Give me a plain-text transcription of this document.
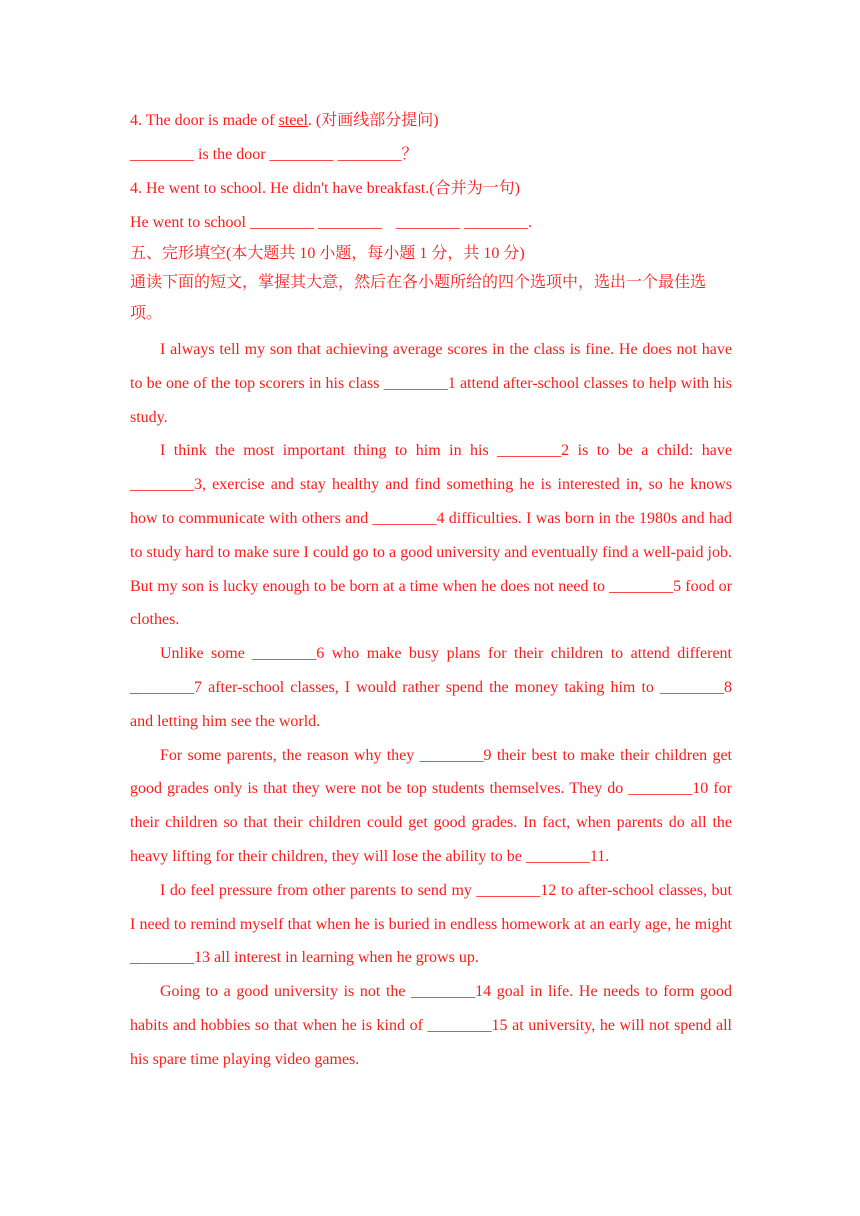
4. The door is made of steel. (对画线部分提问)
________ is the door ________ ________？
4. He went to school. He didn't have breakfast.(合并为一句)
He went to school ________ ________ ________ ________.
五、完形填空(本大题共 10 小题，每小题 1 分，共 10 分)
通读下面的短文，掌握其大意，然后在各小题所给的四个选项中，选出一个最佳选项。
I always tell my son that achieving average scores in the class is fine. He does not have to be one of the top scorers in his class ________1 attend after-school classes to help with his study.
I think the most important thing to him in his ________2 is to be a child: have ________3, exercise and stay healthy and find something he is interested in, so he knows how to communicate with others and ________4 difficulties. I was born in the 1980s and had to study hard to make sure I could go to a good university and eventually find a well-paid job. But my son is lucky enough to be born at a time when he does not need to ________5 food or clothes.
Unlike some ________6 who make busy plans for their children to attend different ________7 after-school classes, I would rather spend the money taking him to ________8 and letting him see the world.
For some parents, the reason why they ________9 their best to make their children get good grades only is that they were not be top students themselves. They do ________10 for their children so that their children could get good grades. In fact, when parents do all the heavy lifting for their children, they will lose the ability to be ________11.
I do feel pressure from other parents to send my ________12 to after-school classes, but I need to remind myself that when he is buried in endless homework at an early age, he might ________13 all interest in learning when he grows up.
Going to a good university is not the ________14 goal in life. He needs to form good habits and hobbies so that when he is kind of ________15 at university, he will not spend all his spare time playing video games.
